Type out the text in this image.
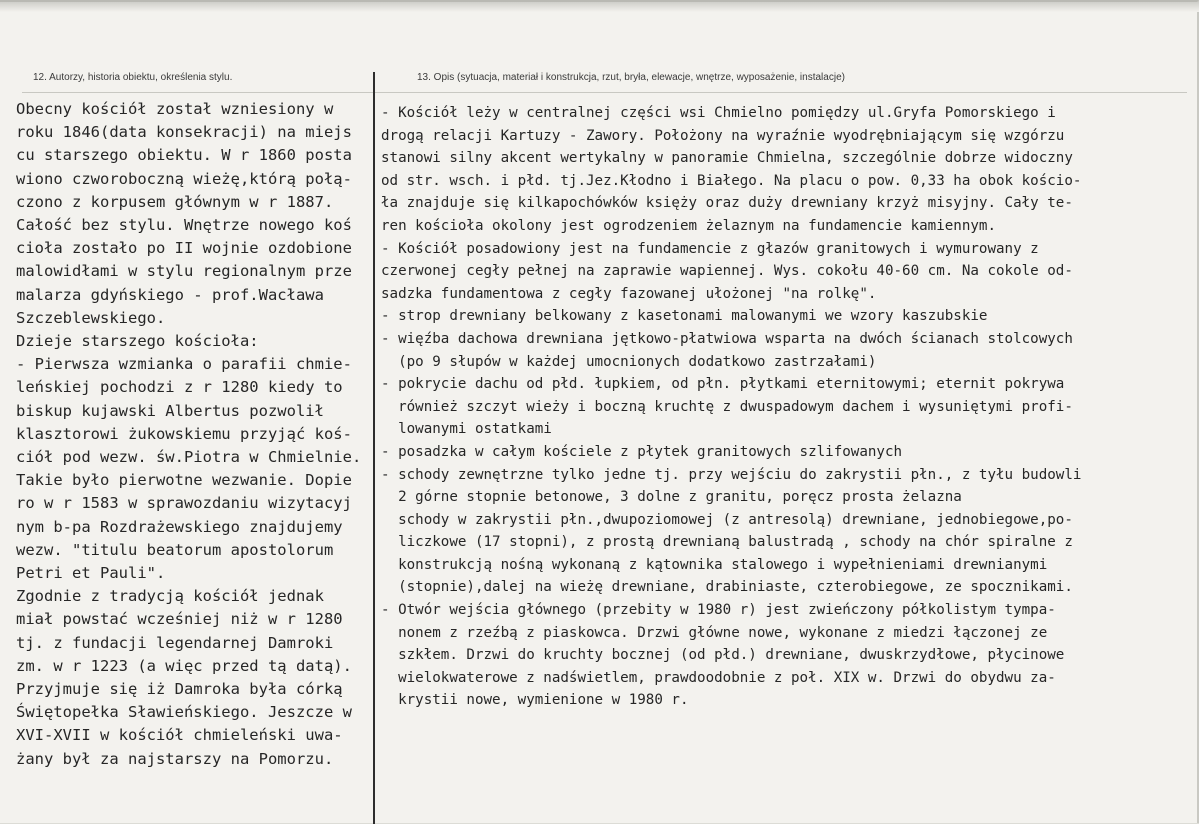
12. Autorzy, historia obiektu, określenia stylu.	13. Opis (sytuacja, materiał i konstrukcja, rzut, bryła, elewacje, wnętrze, wyposażenie, instalacje)
Obecny kościół został wzniesiony w
roku 1846(data konsekracji) na miejs
cu starszego obiektu. W r 1860 posta
wiono czworoboczną wieżę,którą połą-
czono z korpusem głównym w r 1887.
Całość bez stylu. Wnętrze nowego koś
cioła zostało po II wojnie ozdobione
malowidłami w stylu regionalnym prze
malarza gdyńskiego - prof.Wacława
Szczeblewskiego.
Dzieje starszego kościoła:
- Pierwsza wzmianka o parafii chmie-
leńskiej pochodzi z r 1280 kiedy to
biskup kujawski Albertus pozwolił
klasztorowi żukowskiemu przyjąć koś-
ciół pod wezw. św.Piotra w Chmielnie.
Takie było pierwotne wezwanie. Dopie
ro w r 1583 w sprawozdaniu wizytacyj
nym b-pa Rozdrażewskiego znajdujemy
wezw. "titulu beatorum apostolorum
Petri et Pauli".
Zgodnie z tradycją kościół jednak
miał powstać wcześniej niż w r 1280
tj. z fundacji legendarnej Damroki
zm. w r 1223 (a więc przed tą datą).
Przyjmuje się iż Damroka była córką
Świętopełka Sławieńskiego. Jeszcze w
XVI-XVII w kościół chmieleński uwa-
żany był za najstarszy na Pomorzu.
- Kościół leży w centralnej części wsi Chmielno pomiędzy ul.Gryfa Pomorskiego i
drogą relacji Kartuzy - Zawory. Położony na wyraźnie wyodrębniającym się wzgórzu
stanowi silny akcent wertykalny w panoramie Chmielna, szczególnie dobrze widoczny
od str. wsch. i płd. tj.Jez.Kłodno i Białego. Na placu o pow. 0,33 ha obok kościo-
ła znajduje się kilkapochówków księży oraz duży drewniany krzyż misyjny. Cały te-
ren kościoła okolony jest ogrodzeniem żelaznym na fundamencie kamiennym.
- Kościół posadowiony jest na fundamencie z głazów granitowych i wymurowany z
czerwonej cegły pełnej na zaprawie wapiennej. Wys. cokołu 40-60 cm. Na cokole od-
sadzka fundamentowa z cegły fazowanej ułożonej "na rolkę".
- strop drewniany belkowany z kasetonami malowanymi we wzory kaszubskie
- więźba dachowa drewniana jętkowo-płatwiowa wsparta na dwóch ścianach stolcowych
(po 9 słupów w każdej umocnionych dodatkowo zastrzałami)
- pokrycie dachu od płd. łupkiem, od płn. płytkami eternitowymi; eternit pokrywa
również szczyt wieży i boczną kruchtę z dwuspadowym dachem i wysuniętymi profi-
lowanymi ostatkami
- posadzka w całym kościele z płytek granitowych szlifowanych
- schody zewnętrzne tylko jedne tj. przy wejściu do zakrystii płn., z tyłu budowli
2 górne stopnie betonowe, 3 dolne z granitu, poręcz prosta żelazna
schody w zakrystii płn.,dwupoziomowej (z antresolą) drewniane, jednobiegowe,po-
liczkowe (17 stopni), z prostą drewnianą balustradą , schody na chór spiralne z
konstrukcją nośną wykonaną z kątownika stalowego i wypełnieniami drewnianymi
(stopnie),dalej na wieżę drewniane, drabiniaste, czterobiegowe, ze spocznikami.
- Otwór wejścia głównego (przebity w 1980 r) jest zwieńczony półkolistym tympa-
nonem z rzeźbą z piaskowca. Drzwi główne nowe, wykonane z miedzi łączonej ze
szkłem. Drzwi do kruchty bocznej (od płd.) drewniane, dwuskrzydłowe, płycinowe
wielokwaterowe z nadświetlem, prawdoodobnie z poł. XIX w. Drzwi do obydwu za-
krystii nowe, wymienione w 1980 r.
